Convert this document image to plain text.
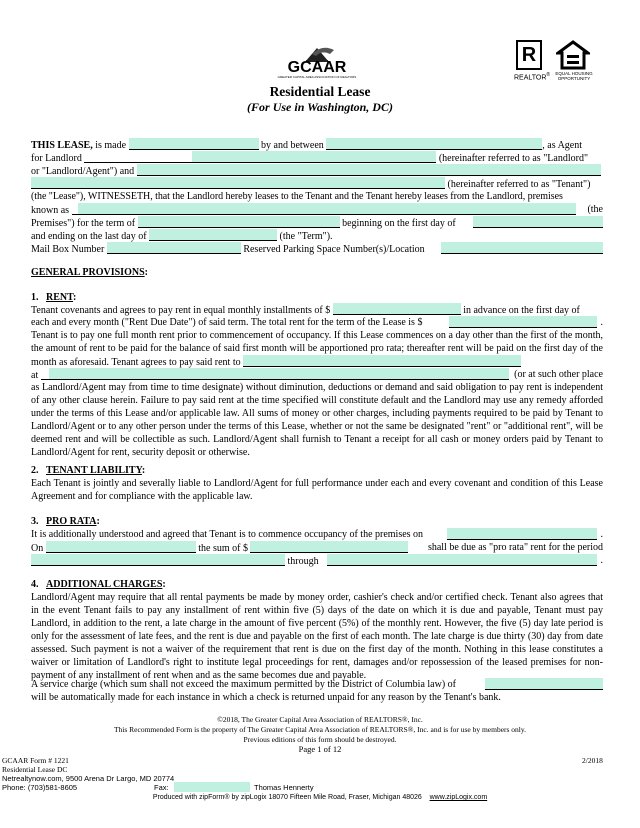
GCAAR
GREATER CAPITAL AREA ASSOCIATION OF REALTORS
R
REALTOR®	EQUAL HOUSING OPPORTUNITY
Residential Lease
(For Use in Washington, DC)
THIS LEASE, is made	by and between	, as Agent
for Landlord	(hereinafter referred to as "Landlord"
or "Landlord/Agent") and
(hereinafter referred to as "Tenant")
(the "Lease"), WITNESSETH, that the Landlord hereby leases to the Tenant and the Tenant hereby leases from the Landlord, premises
known as	(the
Premises") for the term of	beginning on the first day of
and ending on the last day of	(the "Term").
Mail Box Number	Reserved Parking Space Number(s)/Location
GENERAL PROVISIONS:
1. RENT:
Tenant covenants and agrees to pay rent in equal monthly installments of $	in advance on the first day of
each and every month ("Rent Due Date") of said term. The total rent for the term of the Lease is $	.
Tenant is to pay one full month rent prior to commencement of occupancy. If this Lease commences on a day other than the first of the month, the amount of rent to be paid for the balance of said first month will be apportioned pro rata; thereafter rent will be paid on the first day of the month as aforesaid. Tenant agrees to pay said rent to
at	(or at such other place
as Landlord/Agent may from time to time designate) without diminution, deductions or demand and said obligation to pay rent is independent of any other clause herein. Failure to pay said rent at the time specified will constitute default and the Landlord may use any remedy afforded under the terms of this Lease and/or applicable law. All sums of money or other charges, including payments required to be paid by Tenant to Landlord/Agent or to any other person under the terms of this Lease, whether or not the same be designated "rent" or "additional rent", will be deemed rent and will be collectible as such. Landlord/Agent shall furnish to Tenant a receipt for all cash or money orders paid by Tenant to Landlord/Agent for rent, security deposit or otherwise.
2. TENANT LIABILITY:
Each Tenant is jointly and severally liable to Landlord/Agent for full performance under each and every covenant and condition of this Lease Agreement and for compliance with the applicable law.
3. PRO RATA:
It is additionally understood and agreed that Tenant is to commence occupancy of the premises on	.
On	the sum of $	shall be due as "pro rata" rent for the period
through	.
4. ADDITIONAL CHARGES:
Landlord/Agent may require that all rental payments be made by money order, cashier's check and/or certified check. Tenant also agrees that in the event Tenant fails to pay any installment of rent within five (5) days of the date on which it is due and payable, Tenant must pay Landlord, in addition to the rent, a late charge in the amount of five percent (5%) of the monthly rent. However, the five (5) day late period is only for the assessment of late fees, and the rent is due and payable on the first of each month. The late charge is due thirty (30) day from date assessed. Such payment is not a waiver of the requirement that rent is due on the first day of the month. Nothing in this lease constitutes a waiver or limitation of Landlord's right to institute legal proceedings for rent, damages and/or repossession of the leased premises for non-payment of any installment of rent when and as the same becomes due and payable.
A service charge (which sum shall not exceed the maximum permitted by the District of Columbia law) of
will be automatically made for each instance in which a check is returned unpaid for any reason by the Tenant's bank.
©2018, The Greater Capital Area Association of REALTORS®, Inc.
This Recommended Form is the property of The Greater Capital Area Association of REALTORS®, Inc. and is for use by members only.
Previous editions of this form should be destroyed.
Page 1 of 12
GCAAR Form # 1221
Residential Lease DC
2/2018
Netrealtynow.com, 9500 Arena Dr Largo, MD 20774
Phone: (703)581-8605	Fax:	Thomas Hennerty
Produced with zipForm® by zipLogix 18070 Fifteen Mile Road, Fraser, Michigan 48026 www.zipLogix.com
